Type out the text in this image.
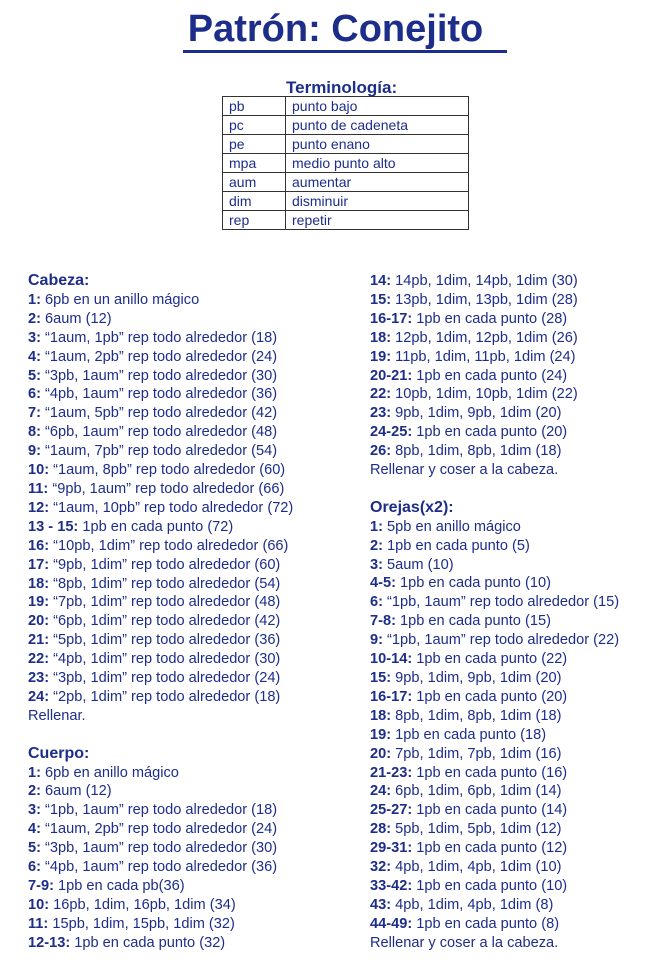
Patrón: Conejito
Terminología:
pb	punto bajo
pc	punto de cadeneta
pe	punto enano
mpa	medio punto alto
aum	aumentar
dim	disminuir
rep	repetir
Cabeza:
1: 6pb en un anillo mágico
2: 6aum (12)
3: “1aum, 1pb” rep todo alrededor (18)
4: “1aum, 2pb” rep todo alrededor (24)
5: “3pb, 1aum” rep todo alrededor (30)
6: “4pb, 1aum” rep todo alrededor (36)
7: “1aum, 5pb” rep todo alrededor (42)
8: “6pb, 1aum” rep todo alrededor (48)
9: “1aum, 7pb” rep todo alrededor (54)
10: “1aum, 8pb” rep todo alrededor (60)
11: “9pb, 1aum” rep todo alrededor (66)
12: “1aum, 10pb” rep todo alrededor (72)
13 - 15: 1pb en cada punto (72)
16: “10pb, 1dim” rep todo alrededor (66)
17: “9pb, 1dim” rep todo alrededor (60)
18: “8pb, 1dim” rep todo alrededor (54)
19: “7pb, 1dim” rep todo alrededor (48)
20: “6pb, 1dim” rep todo alrededor (42)
21: “5pb, 1dim” rep todo alrededor (36)
22: “4pb, 1dim” rep todo alrededor (30)
23: “3pb, 1dim” rep todo alrededor (24)
24: “2pb, 1dim” rep todo alrededor (18)
Rellenar.
Cuerpo:
1: 6pb en anillo mágico
2: 6aum (12)
3: “1pb, 1aum” rep todo alrededor (18)
4: “1aum, 2pb” rep todo alrededor (24)
5: “3pb, 1aum” rep todo alrededor (30)
6: “4pb, 1aum” rep todo alrededor (36)
7-9: 1pb en cada pb(36)
10: 16pb, 1dim, 16pb, 1dim (34)
11: 15pb, 1dim, 15pb, 1dim (32)
12-13: 1pb en cada punto (32)
14: 14pb, 1dim, 14pb, 1dim (30)
15: 13pb, 1dim, 13pb, 1dim (28)
16-17: 1pb en cada punto (28)
18: 12pb, 1dim, 12pb, 1dim (26)
19: 11pb, 1dim, 11pb, 1dim (24)
20-21: 1pb en cada punto (24)
22: 10pb, 1dim, 10pb, 1dim (22)
23: 9pb, 1dim, 9pb, 1dim (20)
24-25: 1pb en cada punto (20)
26: 8pb, 1dim, 8pb, 1dim (18)
Rellenar y coser a la cabeza.
Orejas(x2):
1: 5pb en anillo mágico
2: 1pb en cada punto (5)
3: 5aum (10)
4-5: 1pb en cada punto (10)
6: “1pb, 1aum” rep todo alrededor (15)
7-8: 1pb en cada punto (15)
9: “1pb, 1aum” rep todo alrededor (22)
10-14: 1pb en cada punto (22)
15: 9pb, 1dim, 9pb, 1dim (20)
16-17: 1pb en cada punto (20)
18: 8pb, 1dim, 8pb, 1dim (18)
19: 1pb en cada punto (18)
20: 7pb, 1dim, 7pb, 1dim (16)
21-23: 1pb en cada punto (16)
24: 6pb, 1dim, 6pb, 1dim (14)
25-27: 1pb en cada punto (14)
28: 5pb, 1dim, 5pb, 1dim (12)
29-31: 1pb en cada punto (12)
32: 4pb, 1dim, 4pb, 1dim (10)
33-42: 1pb en cada punto (10)
43: 4pb, 1dim, 4pb, 1dim (8)
44-49: 1pb en cada punto (8)
Rellenar y coser a la cabeza.
